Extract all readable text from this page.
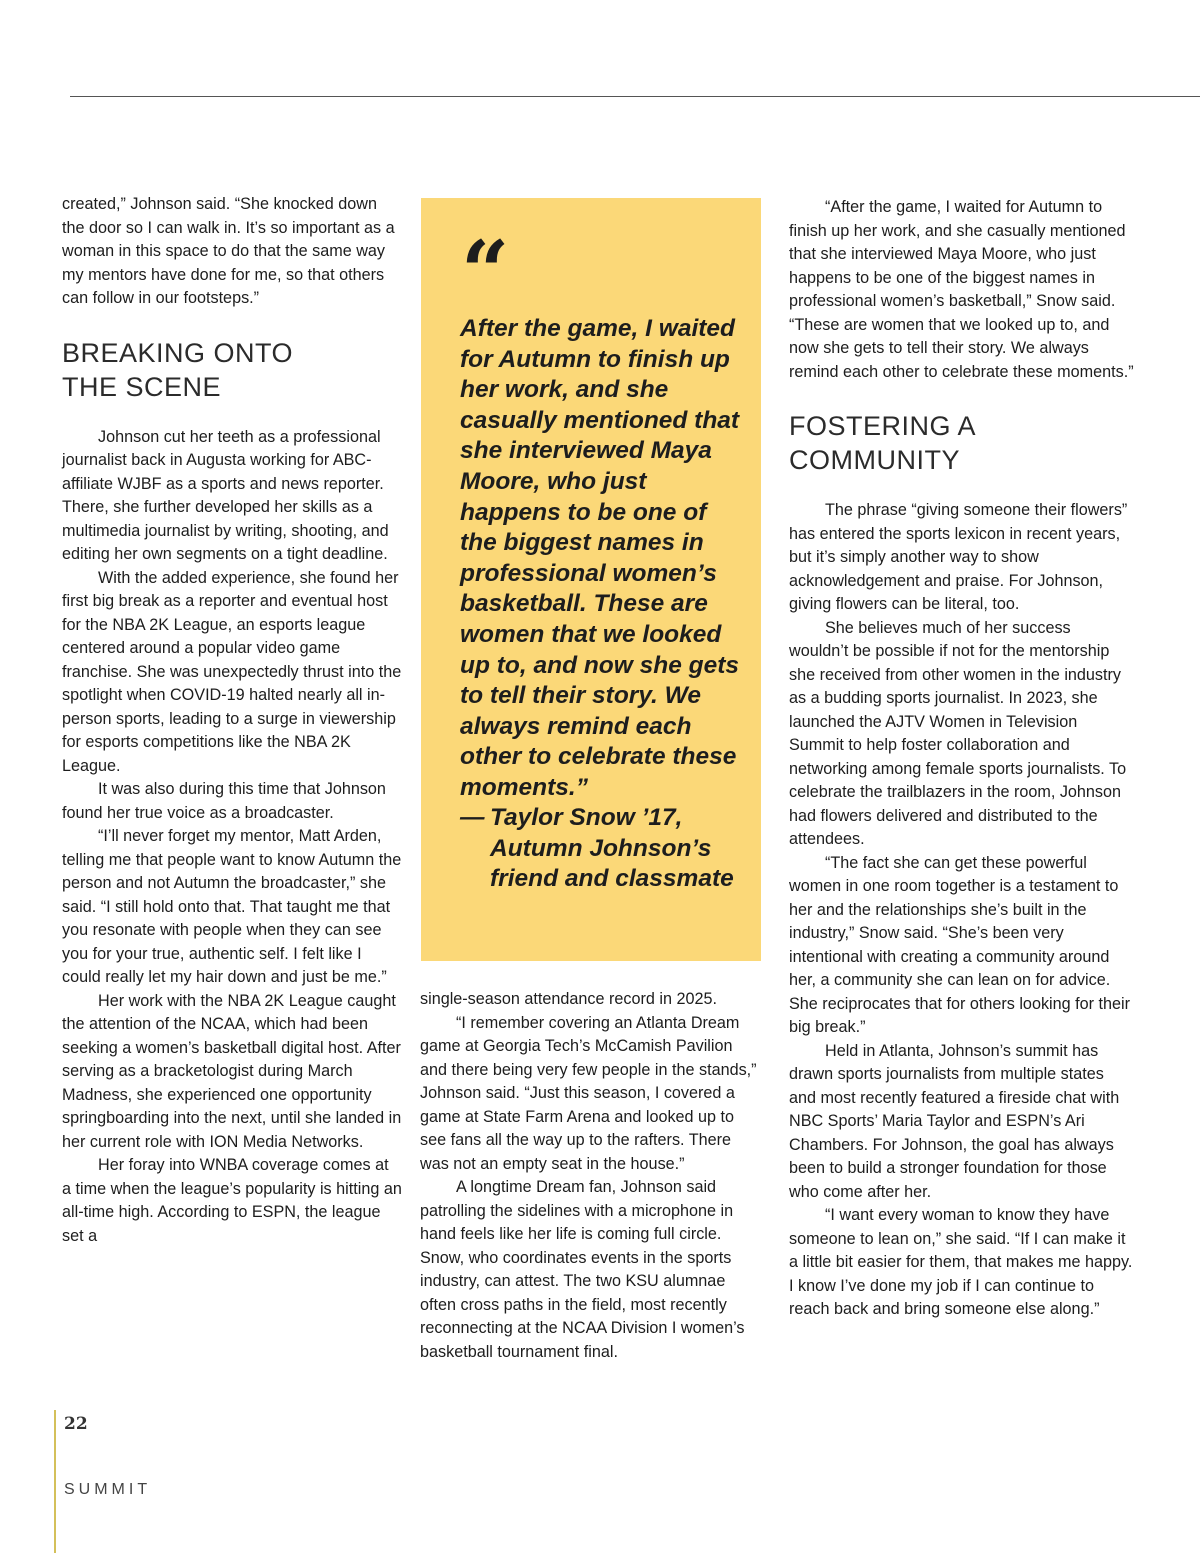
created,” Johnson said. “She knocked down the door so I can walk in. It’s so important as a woman in this space to do that the same way my mentors have done for me, so that others can follow in our footsteps.”

BREAKING ONTO
THE SCENE

Johnson cut her teeth as a professional journalist back in Augusta working for ABC-affiliate WJBF as a sports and news reporter. There, she further developed her skills as a multimedia journalist by writing, shooting, and editing her own segments on a tight deadline.

With the added experience, she found her first big break as a reporter and eventual host for the NBA 2K League, an esports league centered around a popular video game franchise. She was unexpectedly thrust into the spotlight when COVID-19 halted nearly all in-person sports, leading to a surge in viewership for esports competitions like the NBA 2K League.

It was also during this time that Johnson found her true voice as a broadcaster.

“I’ll never forget my mentor, Matt Arden, telling me that people want to know Autumn the person and not Autumn the broadcaster,” she said. “I still hold onto that. That taught me that you resonate with people when they can see you for your true, authentic self. I felt like I could really let my hair down and just be me.”

Her work with the NBA 2K League caught the attention of the NCAA, which had been seeking a women’s basketball digital host. After serving as a bracketologist during March Madness, she experienced one opportunity springboarding into the next, until she landed in her current role with ION Media Networks.

Her foray into WNBA coverage comes at a time when the league’s popularity is hitting an all-time high. According to ESPN, the league set a

“

After the game, I waited for Autumn to finish up her work, and she casually mentioned that she interviewed Maya Moore, who just happens to be one of the biggest names in professional women’s basketball. These are women that we looked up to, and now she gets to tell their story. We always remind each other to celebrate these moments.”

— Taylor Snow ’17,
Autumn Johnson’s
friend and classmate

single-season attendance record in 2025.

“I remember covering an Atlanta Dream game at Georgia Tech’s McCamish Pavilion and there being very few people in the stands,” Johnson said. “Just this season, I covered a game at State Farm Arena and looked up to see fans all the way up to the rafters. There was not an empty seat in the house.”

A longtime Dream fan, Johnson said patrolling the sidelines with a microphone in hand feels like her life is coming full circle. Snow, who coordinates events in the sports industry, can attest. The two KSU alumnae often cross paths in the field, most recently reconnecting at the NCAA Division I women’s basketball tournament final.

“After the game, I waited for Autumn to finish up her work, and she casually mentioned that she interviewed Maya Moore, who just happens to be one of the biggest names in professional women’s basketball,” Snow said. “These are women that we looked up to, and now she gets to tell their story. We always remind each other to celebrate these moments.”

FOSTERING A
COMMUNITY

The phrase “giving someone their flowers” has entered the sports lexicon in recent years, but it’s simply another way to show acknowledgement and praise. For Johnson, giving flowers can be literal, too.

She believes much of her success wouldn’t be possible if not for the mentorship she received from other women in the industry as a budding sports journalist. In 2023, she launched the AJTV Women in Television Summit to help foster collaboration and networking among female sports journalists. To celebrate the trailblazers in the room, Johnson had flowers delivered and distributed to the attendees.

“The fact she can get these powerful women in one room together is a testament to her and the relationships she’s built in the industry,” Snow said. “She’s been very intentional with creating a community around her, a community she can lean on for advice. She reciprocates that for others looking for their big break.”

Held in Atlanta, Johnson’s summit has drawn sports journalists from multiple states and most recently featured a fireside chat with NBC Sports’ Maria Taylor and ESPN’s Ari Chambers. For Johnson, the goal has always been to build a stronger foundation for those who come after her.

“I want every woman to know they have someone to lean on,” she said. “If I can make it a little bit easier for them, that makes me happy. I know I’ve done my job if I can continue to reach back and bring someone else along.”

22
SUMMIT
